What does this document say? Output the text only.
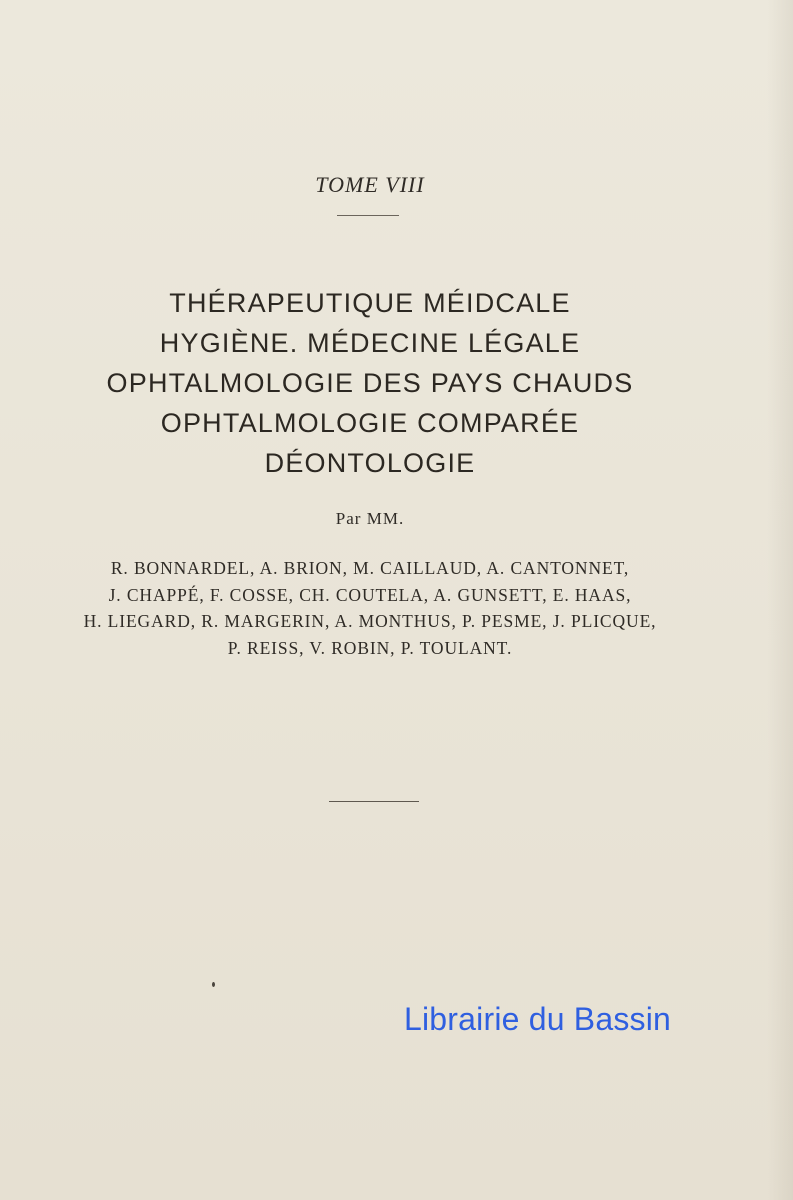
TOME VIII
THÉRAPEUTIQUE MÉIDCALE
HYGIÈNE. MÉDECINE LÉGALE
OPHTALMOLOGIE DES PAYS CHAUDS
OPHTALMOLOGIE COMPARÉE
DÉONTOLOGIE
Par MM.
R. BONNARDEL, A. BRION, M. CAILLAUD, A. CANTONNET,
J. CHAPPÉ, F. COSSE, CH. COUTELA, A. GUNSETT, E. HAAS,
H. LIEGARD, R. MARGERIN, A. MONTHUS, P. PESME, J. PLICQUE,
P. REISS, V. ROBIN, P. TOULANT.
Librairie du Bassin
